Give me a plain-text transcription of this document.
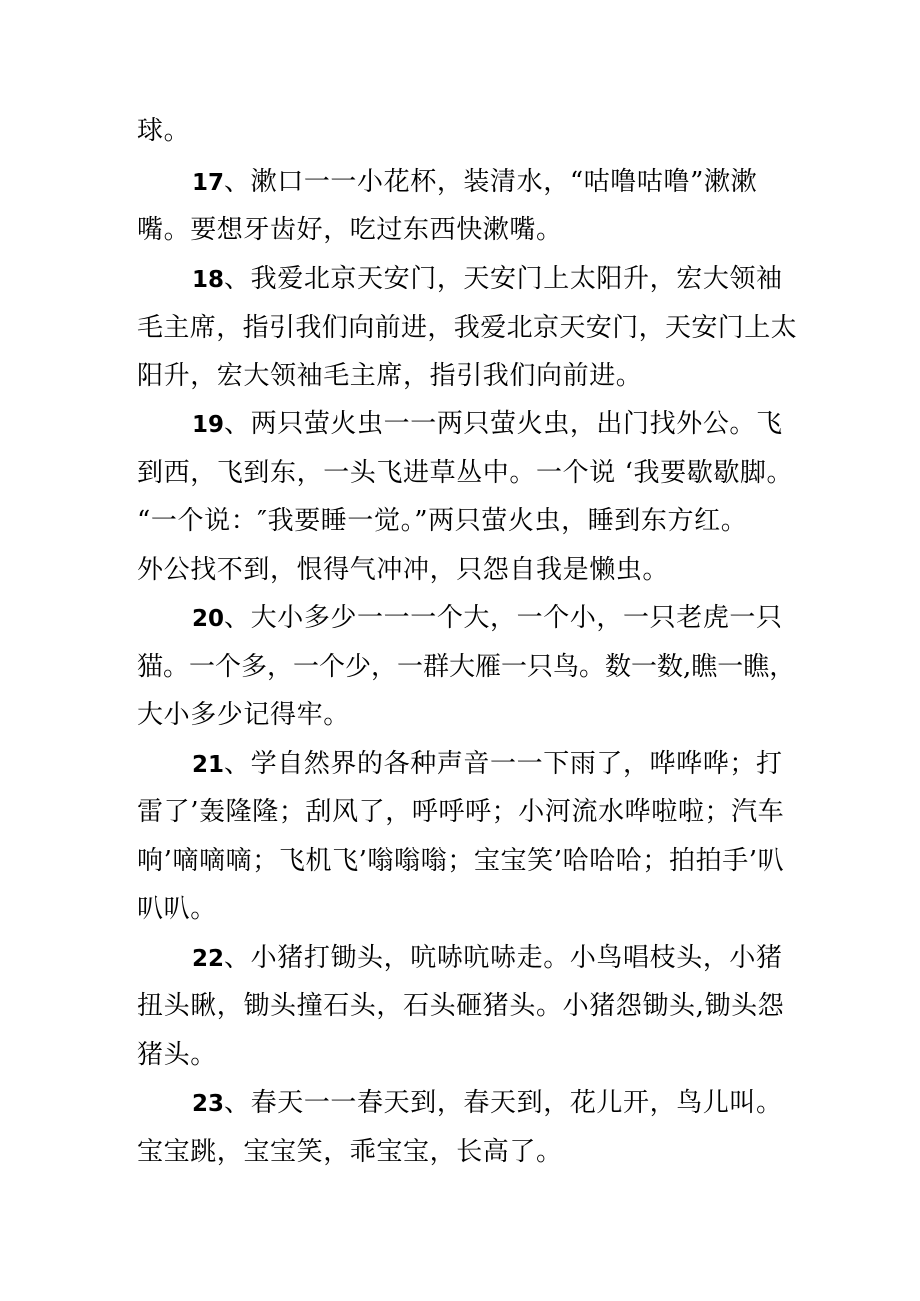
球。
17、漱口一一小花杯，装清水，“咕噜咕噜”漱漱
嘴。要想牙齿好，吃过东西快漱嘴。
18、我爱北京天安门，天安门上太阳升，宏大领袖
毛主席，指引我们向前进，我爱北京天安门，天安门上太
阳升，宏大领袖毛主席，指引我们向前进。
19、两只萤火虫一一两只萤火虫，出门找外公。飞
到西，飞到东，一头飞进草丛中。一个说 ‘我要歇歇脚。
“一个说：″我要睡一觉。”两只萤火虫，睡到东方红。
外公找不到，恨得气冲冲，只怨自我是懒虫。
20、大小多少一一一个大，一个小，一只老虎一只
猫。一个多，一个少，一群大雁一只鸟。数一数,瞧一瞧，
大小多少记得牢。
21、学自然界的各种声音一一下雨了，哗哗哗；打
雷了’轰隆隆；刮风了，呼呼呼；小河流水哗啦啦；汽车
响’嘀嘀嘀；飞机飞’嗡嗡嗡；宝宝笑’哈哈哈；拍拍手’叭
叭叭。
22、小猪打锄头，吭哧吭哧走。小鸟唱枝头，小猪
扭头瞅，锄头撞石头，石头砸猪头。小猪怨锄头,锄头怨
猪头。
23、春天一一春天到，春天到，花儿开，鸟儿叫。
宝宝跳，宝宝笑，乖宝宝，长高了。
